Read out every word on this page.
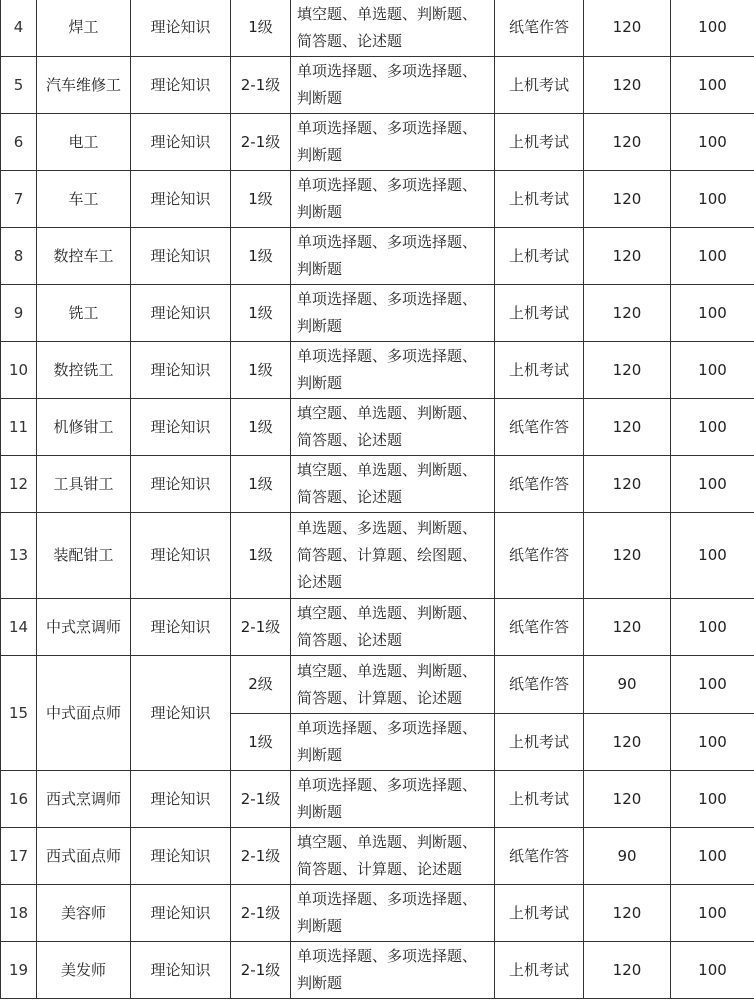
4	焊工	理论知识	1级	填空题、单选题、判断题、简答题、论述题	纸笔作答	120	100
5	汽车维修工	理论知识	2-1级	单项选择题、多项选择题、判断题	上机考试	120	100
6	电工	理论知识	2-1级	单项选择题、多项选择题、判断题	上机考试	120	100
7	车工	理论知识	1级	单项选择题、多项选择题、判断题	上机考试	120	100
8	数控车工	理论知识	1级	单项选择题、多项选择题、判断题	上机考试	120	100
9	铣工	理论知识	1级	单项选择题、多项选择题、判断题	上机考试	120	100
10	数控铣工	理论知识	1级	单项选择题、多项选择题、判断题	上机考试	120	100
11	机修钳工	理论知识	1级	填空题、单选题、判断题、简答题、论述题	纸笔作答	120	100
12	工具钳工	理论知识	1级	填空题、单选题、判断题、简答题、论述题	纸笔作答	120	100
13	装配钳工	理论知识	1级	单选题、多选题、判断题、简答题、计算题、绘图题、论述题	纸笔作答	120	100
14	中式烹调师	理论知识	2-1级	填空题、单选题、判断题、简答题、论述题	纸笔作答	120	100
15	中式面点师	理论知识	2级	填空题、单选题、判断题、简答题、计算题、论述题	纸笔作答	90	100
			1级	单项选择题、多项选择题、判断题	上机考试	120	100
16	西式烹调师	理论知识	2-1级	单项选择题、多项选择题、判断题	上机考试	120	100
17	西式面点师	理论知识	2-1级	填空题、单选题、判断题、简答题、计算题、论述题	纸笔作答	90	100
18	美容师	理论知识	2-1级	单项选择题、多项选择题、判断题	上机考试	120	100
19	美发师	理论知识	2-1级	单项选择题、多项选择题、判断题	上机考试	120	100
